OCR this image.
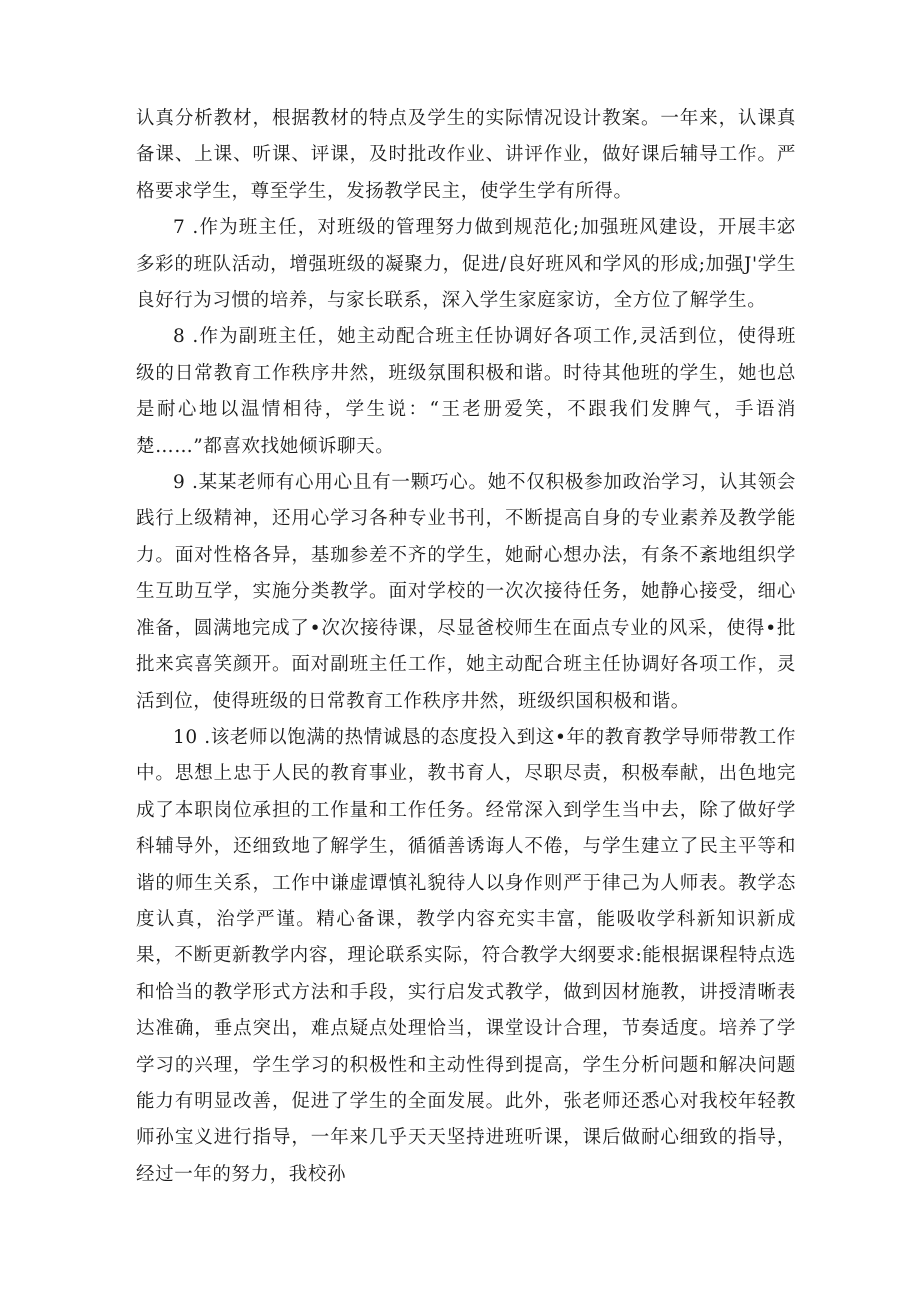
认真分析教材，根据教材的特点及学生的实际情况设计教案。一年来，认课真备课、上课、听课、评课，及时批改作业、讲评作业，做好课后辅导工作。严格要求学生，尊至学生，发扬教学民主，使学生学有所得。

7 .作为班主任，对班级的管理努力做到规范化;加强班风建设，开展丰宓多彩的班队活动，增强班级的凝聚力，促进/良好班风和学风的形成;加强J'学生良好行为习惯的培养，与家长联系，深入学生家庭家访，全方位了解学生。

8 .作为副班主任，她主动配合班主任协调好各项工作,灵活到位，使得班级的日常教育工作秩序井然，班级氛围积极和谐。时待其他班的学生，她也总是耐心地以温情相待，学生说：“王老册爱笑，不跟我们发脾气，手语消楚……”都喜欢找她倾诉聊天。

9 .某某老师有心用心且有一颗巧心。她不仅积极参加政治学习，认其领会践行上级精神，还用心学习各种专业书刊，不断提高自身的专业素养及教学能力。面对性格各异，基珈参差不齐的学生，她耐心想办法，有条不紊地组织学生互助互学，实施分类教学。面对学校的一次次接待任务，她静心接受，细心准备，圆满地完成了•次次接待课，尽显爸校师生在面点专业的风采，使得•批批来宾喜笑颜开。面对副班主任工作，她主动配合班主任协调好各项工作，灵活到位，使得班级的日常教育工作秩序井然，班级织国积极和谐。

10 .该老师以饱满的热情诚恳的态度投入到这•年的教育教学导师带教工作中。思想上忠于人民的教育事业，教书育人，尽职尽责，积极奉献，出色地完成了本职岗位承担的工作量和工作任务。经常深入到学生当中去，除了做好学科辅导外，还细致地了解学生，循循善诱诲人不倦，与学生建立了民主平等和谐的师生关系，工作中谦虚谭慎礼貌待人以身作则严于律己为人师表。教学态度认真，治学严谨。精心备课，教学内容充实丰富，能吸收学科新知识新成果，不断更新教学内容，理论联系实际，符合教学大纲要求:能根据课程特点选和恰当的教学形式方法和手段，实行启发式教学，做到因材施教，讲授清晰表达准确，垂点突出，难点疑点处理恰当，课堂设计合理，节奏适度。培养了学学习的兴理，学生学习的积极性和主动性得到提高，学生分析问题和解决问题能力有明显改善，促进了学生的全面发展。此外，张老师还悉心对我校年轻教师孙宝义进行指导，一年来几乎天天坚持进班听课，课后做耐心细致的指导，经过一年的努力，我校孙
